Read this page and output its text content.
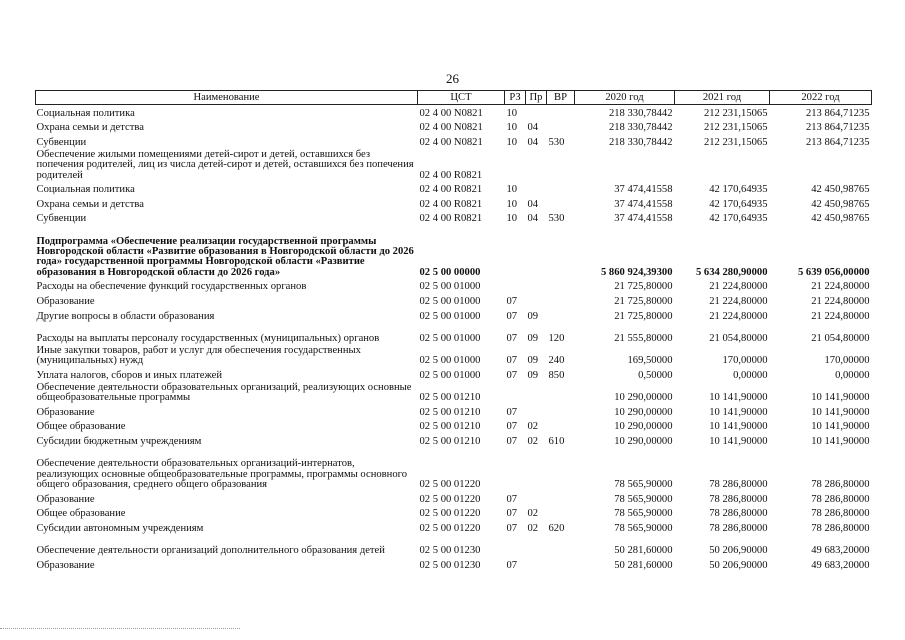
26
Наименование	ЦСТ	РЗ	Пр	ВР	2020 год	2021 год	2022 год
Социальная политика	02 4 00 N0821	10			218 330,78442	212 231,15065	213 864,71235
Охрана семьи и детства	02 4 00 N0821	10	04		218 330,78442	212 231,15065	213 864,71235
Субвенции	02 4 00 N0821	10	04	530	218 330,78442	212 231,15065	213 864,71235
Обеспечение жилыми помещениями детей-сирот и детей, оставшихся без попечения родителей, лиц из числа детей-сирот и детей, оставшихся без попечения родителей	02 4 00 R0821						
Социальная политика	02 4 00 R0821	10			37 474,41558	42 170,64935	42 450,98765
Охрана семьи и детства	02 4 00 R0821	10	04		37 474,41558	42 170,64935	42 450,98765
Субвенции	02 4 00 R0821	10	04	530	37 474,41558	42 170,64935	42 450,98765
Подпрограмма «Обеспечение реализации государственной программы Новгородской области «Развитие образования в Новгородской области до 2026 года» государственной программы Новгородской области «Развитие образования в Новгородской области до 2026 года»	02 5 00 00000				5 860 924,39300	5 634 280,90000	5 639 056,00000
Расходы на обеспечение функций государственных органов	02 5 00 01000				21 725,80000	21 224,80000	21 224,80000
Образование	02 5 00 01000	07			21 725,80000	21 224,80000	21 224,80000
Другие вопросы в области образования	02 5 00 01000	07	09		21 725,80000	21 224,80000	21 224,80000
Расходы на выплаты персоналу государственных (муниципальных) органов	02 5 00 01000	07	09	120	21 555,80000	21 054,80000	21 054,80000
Иные закупки товаров, работ и услуг для обеспечения государственных (муниципальных) нужд	02 5 00 01000	07	09	240	169,50000	170,00000	170,00000
Уплата налогов, сборов и иных платежей	02 5 00 01000	07	09	850	0,50000	0,00000	0,00000
Обеспечение деятельности образовательных организаций, реализующих основные общеобразовательные программы	02 5 00 01210				10 290,00000	10 141,90000	10 141,90000
Образование	02 5 00 01210	07			10 290,00000	10 141,90000	10 141,90000
Общее образование	02 5 00 01210	07	02		10 290,00000	10 141,90000	10 141,90000
Субсидии бюджетным учреждениям	02 5 00 01210	07	02	610	10 290,00000	10 141,90000	10 141,90000
Обеспечение деятельности образовательных организаций-интернатов, реализующих основные общеобразовательные программы, программы основного общего образования, среднего общего образования	02 5 00 01220				78 565,90000	78 286,80000	78 286,80000
Образование	02 5 00 01220	07			78 565,90000	78 286,80000	78 286,80000
Общее образование	02 5 00 01220	07	02		78 565,90000	78 286,80000	78 286,80000
Субсидии автономным учреждениям	02 5 00 01220	07	02	620	78 565,90000	78 286,80000	78 286,80000
Обеспечение деятельности организаций дополнительного образования детей	02 5 00 01230				50 281,60000	50 206,90000	49 683,20000
Образование	02 5 00 01230	07			50 281,60000	50 206,90000	49 683,20000
